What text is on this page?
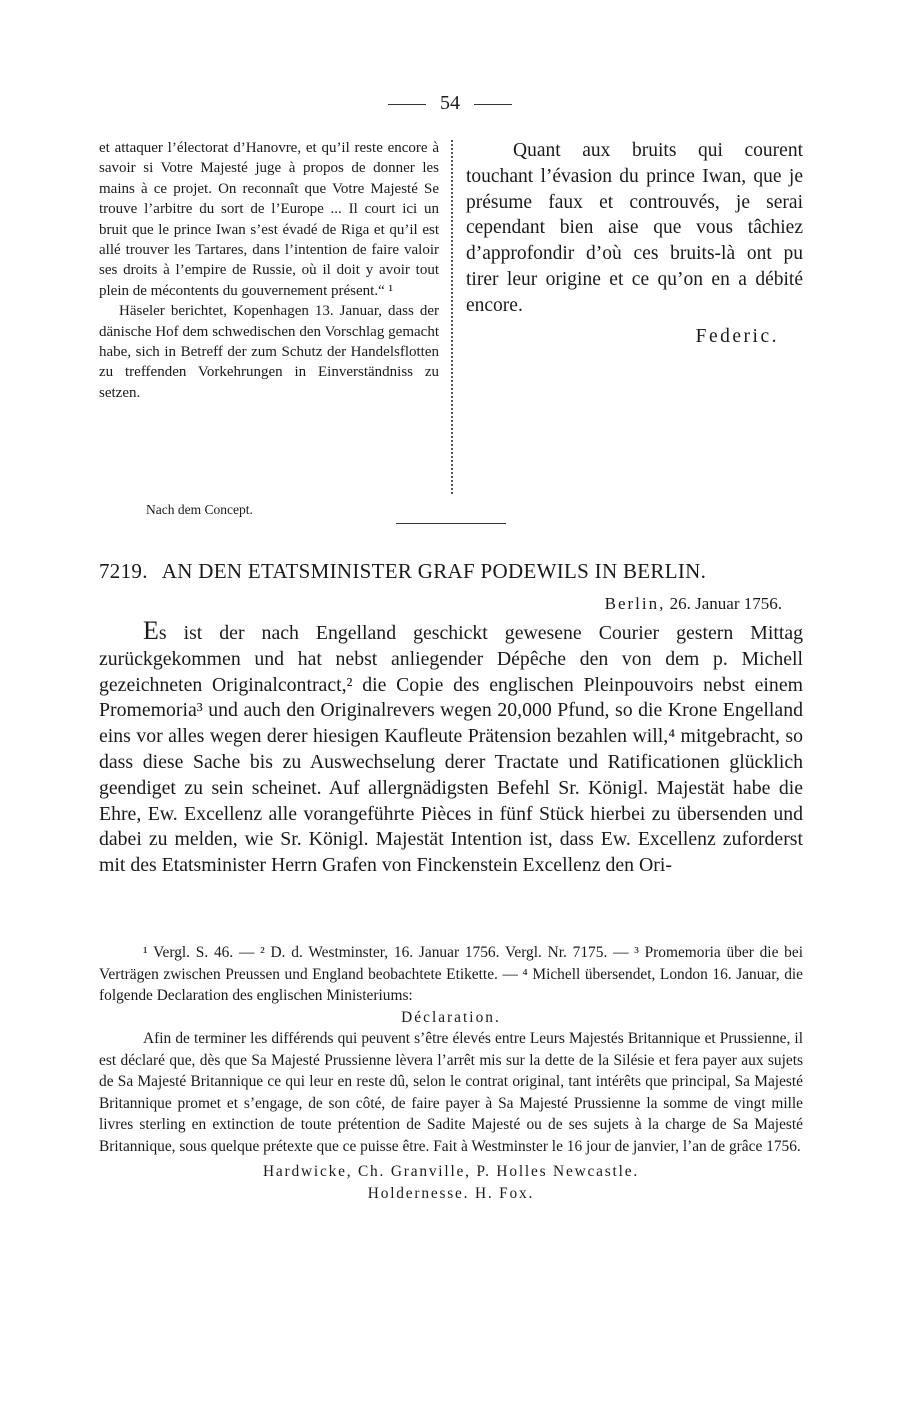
54

et attaquer l’électorat d’Hanovre, et qu’il reste encore à savoir si Votre Majesté juge à propos de donner les mains à ce projet. On reconnaît que Votre Majesté Se trouve l’arbitre du sort de l’Europe ... Il court ici un bruit que le prince Iwan s’est évadé de Riga et qu’il est allé trouver les Tartares, dans l’intention de faire valoir ses droits à l’empire de Russie, où il doit y avoir tout plein de mécontents du gouvernement présent.“ ¹

Häseler berichtet, Kopenhagen 13. Januar, dass der dänische Hof dem schwedischen den Vorschlag gemacht habe, sich in Betreff der zum Schutz der Handelsflotten zu treffenden Vorkehrungen in Einverständniss zu setzen.

Quant aux bruits qui courent touchant l’évasion du prince Iwan, que je présume faux et controuvés, je serai cependant bien aise que vous tâchiez d’approfondir d’où ces bruits-là ont pu tirer leur origine et ce qu’on en a débité encore.

Federic.
Nach dem Concept.
7219. AN DEN ETATSMINISTER GRAF PODEWILS IN BERLIN.
Berlin, 26. Januar 1756.

Es ist der nach Engelland geschickt gewesene Courier gestern Mittag zurückgekommen und hat nebst anliegender Dépêche den von dem p. Michell gezeichneten Originalcontract,² die Copie des englischen Pleinpouvoirs nebst einem Promemoria³ und auch den Originalrevers wegen 20,000 Pfund, so die Krone Engelland eins vor alles wegen derer hiesigen Kaufleute Prätension bezahlen will,⁴ mitgebracht, so dass diese Sache bis zu Auswechselung derer Tractate und Ratificationen glücklich geendiget zu sein scheinet. Auf allergnädigsten Befehl Sr. Königl. Majestät habe die Ehre, Ew. Excellenz alle vorangeführte Pièces in fünf Stück hierbei zu übersenden und dabei zu melden, wie Sr. Königl. Majestät Intention ist, dass Ew. Excellenz zuforderst mit des Etatsminister Herrn Grafen von Finckenstein Excellenz den Ori-

¹ Vergl. S. 46. — ² D. d. Westminster, 16. Januar 1756. Vergl. Nr. 7175. — ³ Promemoria über die bei Verträgen zwischen Preussen und England beobachtete Etikette. — ⁴ Michell übersendet, London 16. Januar, die folgende Declaration des englischen Ministeriums:

Déclaration.

Afin de terminer les différends qui peuvent s’être élevés entre Leurs Majestés Britannique et Prussienne, il est déclaré que, dès que Sa Majesté Prussienne lèvera l’arrêt mis sur la dette de la Silésie et fera payer aux sujets de Sa Majesté Britannique ce qui leur en reste dû, selon le contrat original, tant intérêts que principal, Sa Majesté Britannique promet et s’engage, de son côté, de faire payer à Sa Majesté Prussienne la somme de vingt mille livres sterling en extinction de toute prétention de Sadite Majesté ou de ses sujets à la charge de Sa Majesté Britannique, sous quelque prétexte que ce puisse être. Fait à Westminster le 16 jour de janvier, l’an de grâce 1756.

Hardwicke, Ch. Granville, P. Holles Newcastle.
Holdernesse. H. Fox.
